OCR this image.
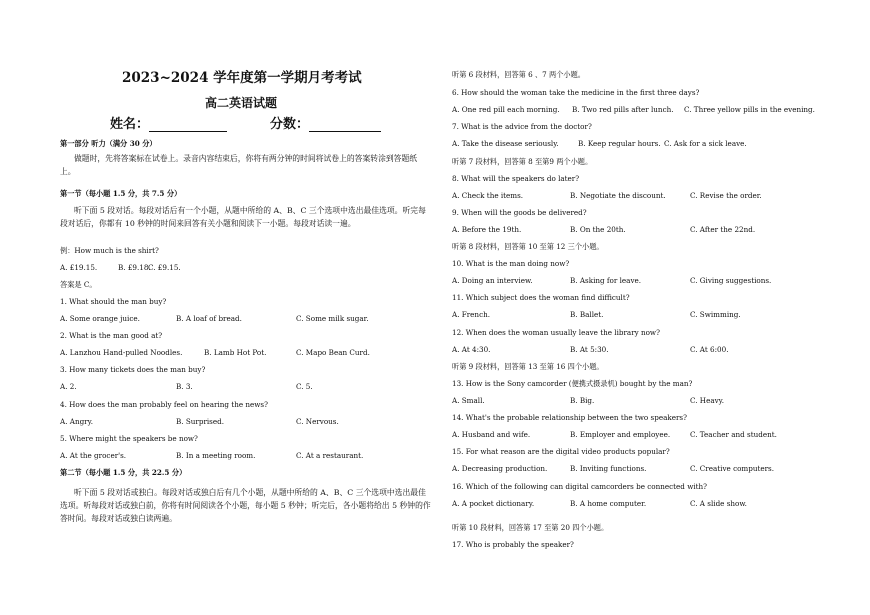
2023~2024 学年度第一学期月考考试
高二英语试题
姓名：	分数：
第一部分 听力（满分 30 分）
做题时，先将答案标在试卷上。录音内容结束后，你将有两分钟的时间将试卷上的答案转涂到答题纸上。
第一节（每小题 1.5 分，共 7.5 分）
听下面 5 段对话。每段对话后有一个小题，从题中所给的 A、B、C 三个选项中选出最佳选项。听完每段对话后，你都有 10 秒钟的时间来回答有关小题和阅读下一小题。每段对话读一遍。
例：How much is the shirt?
A. £19.15.	B. £9.18.
C. £9.15.
答案是 C。
1. What should the man buy?
A. Some orange juice.	B. A loaf of bread.	C. Some milk sugar.
2. What is the man good at?
A. Lanzhou Hand-pulled Noodles.	B. Lamb Hot Pot.	C. Mapo Bean Curd.
3. How many tickets does the man buy?
A. 2.	B. 3.	C. 5.
4. How does the man probably feel on hearing the news?
A. Angry.	B. Surprised.	C. Nervous.
5. Where might the speakers be now?
A. At the grocer's.	B. In a meeting room.	C. At a restaurant.
第二节（每小题 1.5 分，共 22.5 分）
听下面 5 段对话或独白。每段对话或独白后有几个小题，从题中所给的 A、B、C 三个选项中选出最佳选项。听每段对话或独白前，你将有时间阅读各个小题，每小题 5 秒钟；听完后，各小题将给出 5 秒钟的作答时间。每段对话或独白读两遍。
听第 6 段材料，回答第 6 、7 两个小题。
6. How should the woman take the medicine in the first three days?
A. One red pill each morning. B. Two red pills after lunch. C. Three yellow pills in the evening.
7. What is the advice from the doctor?
A. Take the disease seriously.	B. Keep regular hours. C. Ask for a sick leave.
听第 7 段材料，回答第 8 至第9 两个小题。
8. What will the speakers do later?
A. Check the items.	B. Negotiate the discount.	C. Revise the order.
9. When will the goods be delivered?
A. Before the 19th.	B. On the 20th.	C. After the 22nd.
听第 8 段材料，回答第 10 至第 12 三个小题。
10. What is the man doing now?
A. Doing an interview.	B. Asking for leave.	C. Giving suggestions.
11. Which subject does the woman find difficult?
A. French.	B. Ballet.	C. Swimming.
12. When does the woman usually leave the library now?
A. At 4:30.	B. At 5:30.	C. At 6:00.
听第 9 段材料，回答第 13 至第 16 四个小题。
13. How is the Sony camcorder (便携式摄录机) bought by the man?
A. Small.	B. Big.	C. Heavy.
14. What's the probable relationship between the two speakers?
A. Husband and wife.	B. Employer and employee.	C. Teacher and student.
15. For what reason are the digital video products popular?
A. Decreasing production.	B. Inviting functions.	C. Creative computers.
16. Which of the following can digital camcorders be connected with?
A. A pocket dictionary.	B. A home computer.	C. A slide show.
听第 10 段材料，回答第 17 至第 20 四个小题。
17. Who is probably the speaker?
